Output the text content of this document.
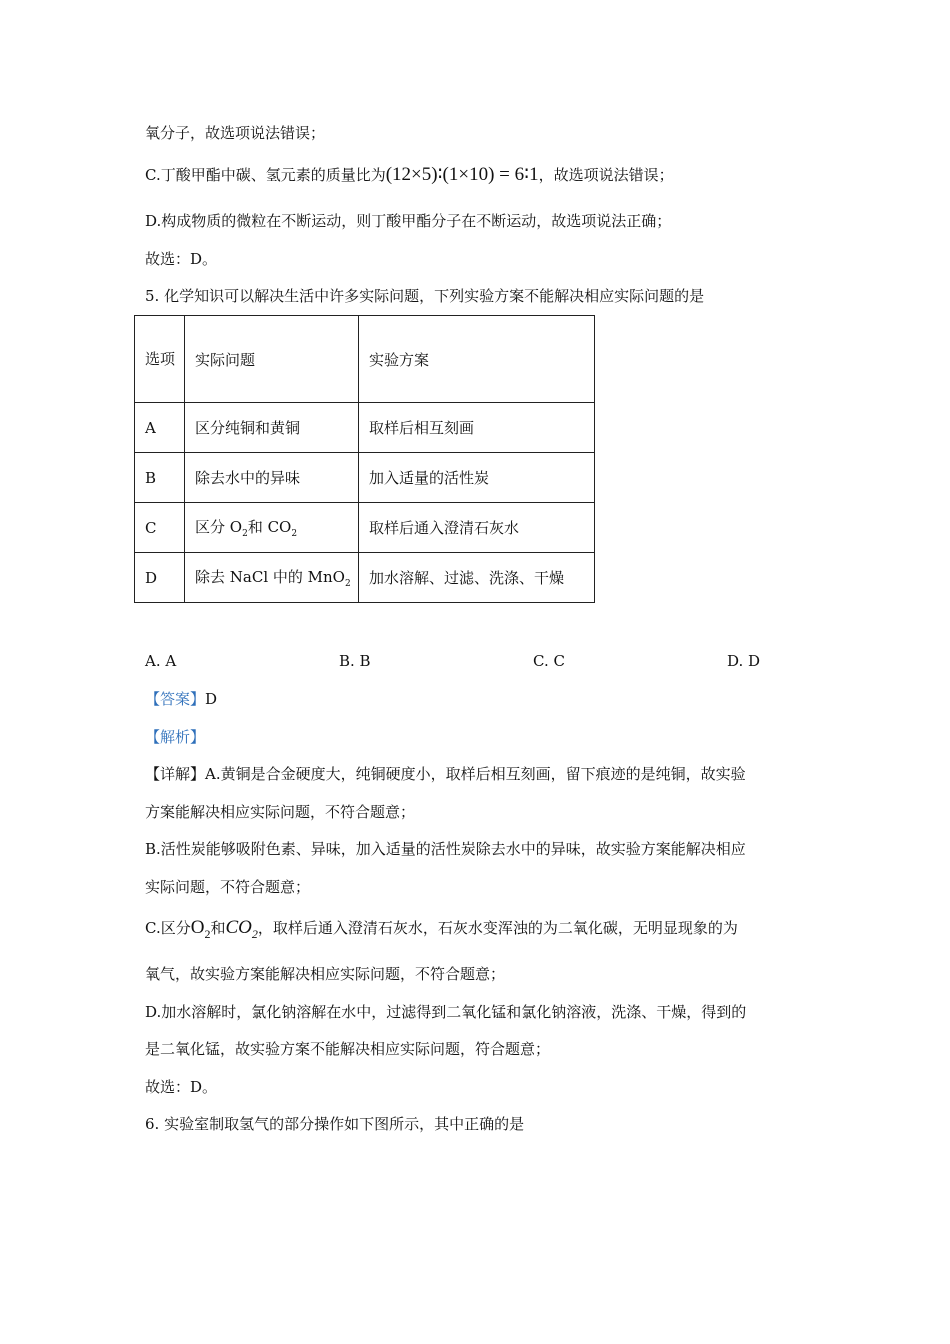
氧分子，故选项说法错误；
C.丁酸甲酯中碳、氢元素的质量比为(12×5)∶(1×10) = 6∶1，故选项说法错误；
D.构成物质的微粒在不断运动，则丁酸甲酯分子在不断运动，故选项说法正确；
故选：D。
5. 化学知识可以解决生活中许多实际问题，下列实验方案不能解决相应实际问题的是
选项	实际问题	实验方案
A	区分纯铜和黄铜	取样后相互刻画
B	除去水中的异味	加入适量的活性炭
C	区分 $O_2$和 $CO_2$	取样后通入澄清石灰水
D	除去 NaCl 中的 MnO$_2$	加水溶解、过滤、洗涤、干燥
A. A	B. B	C. C	D. D
【答案】D
【解析】
【详解】A.黄铜是合金硬度大，纯铜硬度小，取样后相互刻画，留下痕迹的是纯铜，故实验
方案能解决相应实际问题，不符合题意；
B.活性炭能够吸附色素、异味，加入适量的活性炭除去水中的异味，故实验方案能解决相应
实际问题，不符合题意；
C.区分$O_2$和$CO_2$，取样后通入澄清石灰水，石灰水变浑浊的为二氧化碳，无明显现象的为
氧气，故实验方案能解决相应实际问题，不符合题意；
D.加水溶解时，氯化钠溶解在水中，过滤得到二氧化锰和氯化钠溶液，洗涤、干燥，得到的
是二氧化锰，故实验方案不能解决相应实际问题，符合题意；
故选：D。
6. 实验室制取氢气的部分操作如下图所示，其中正确的是
